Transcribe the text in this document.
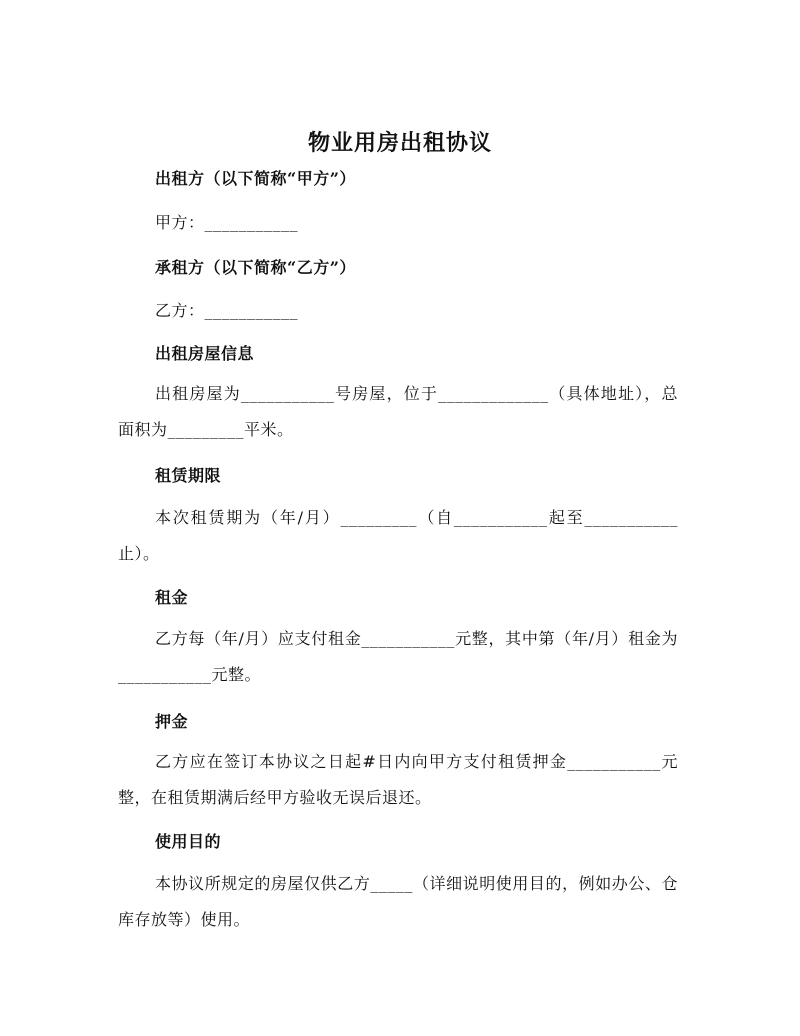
物业用房出租协议
出租方（以下简称“甲方”）
甲方：___________
承租方（以下简称“乙方”）
乙方：___________
出租房屋信息
出租房屋为___________号房屋，位于_____________（具体地址），总面积为_________平米。
租赁期限
本次租赁期为（年/月）_________（自___________起至___________止）。
租金
乙方每（年/月）应支付租金___________元整，其中第（年/月）租金为___________元整。
押金
乙方应在签订本协议之日起#日内向甲方支付租赁押金___________元整，在租赁期满后经甲方验收无误后退还。
使用目的
本协议所规定的房屋仅供乙方_____（详细说明使用目的，例如办公、仓库存放等）使用。
